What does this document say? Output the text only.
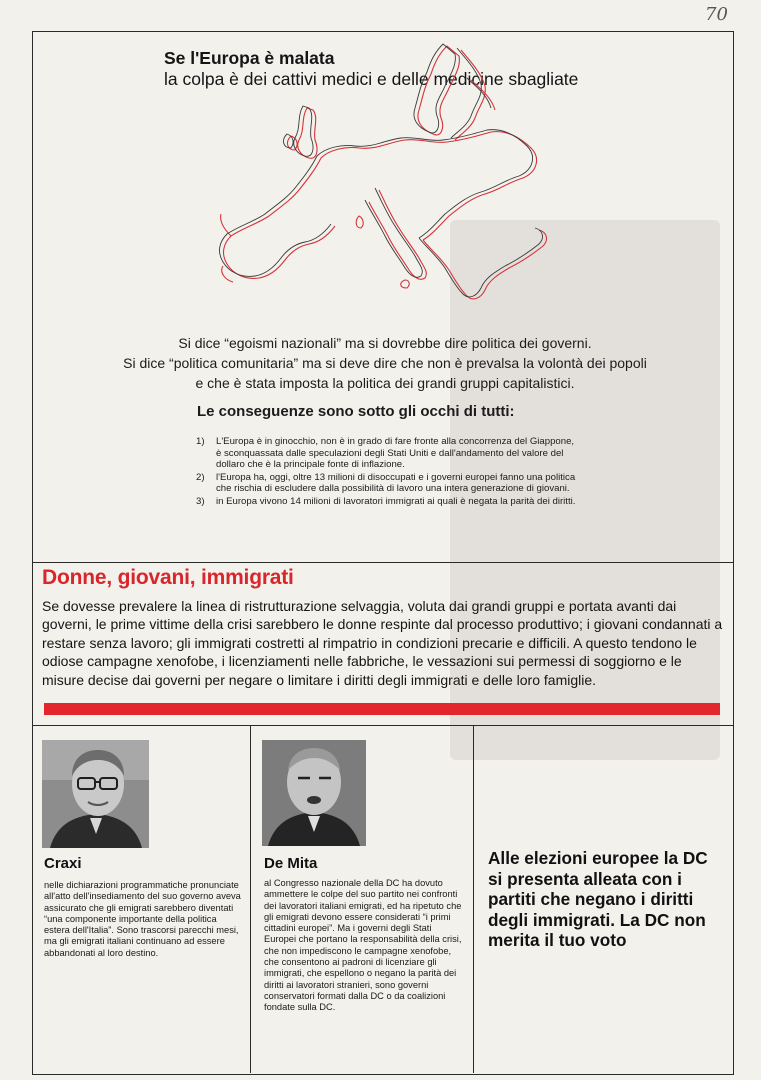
70
Se l'Europa è malata
la colpa è dei cattivi medici e delle medicine sbagliate
Si dice “egoismi nazionali” ma si dovrebbe dire politica dei governi.
Si dice “politica comunitaria” ma si deve dire che non è prevalsa la volontà dei popoli
e che è stata imposta la politica dei grandi gruppi capitalistici.
Le conseguenze sono sotto gli occhi di tutti:
1) L'Europa è in ginocchio, non è in grado di fare fronte alla concorrenza del Giappone, è sconquassata dalle speculazioni degli Stati Uniti e dall'andamento del valore del dollaro che è la principale fonte di inflazione.
2) l'Europa ha, oggi, oltre 13 milioni di disoccupati e i governi europei fanno una politica che rischia di escludere dalla possibilità di lavoro una intera generazione di giovani.
3) in Europa vivono 14 milioni di lavoratori immigrati ai quali è negata la parità dei diritti.
Donne, giovani, immigrati
Se dovesse prevalere la linea di ristrutturazione selvaggia, voluta dai grandi gruppi e portata avanti dai governi, le prime vittime della crisi sarebbero le donne respinte dal processo produttivo; i giovani condannati a restare senza lavoro; gli immigrati costretti al rimpatrio in condizioni precarie e difficili. A questo tendono le odiose campagne xenofobe, i licenziamenti nelle fabbriche, le vessazioni sui permessi di soggiorno e le misure decise dai governi per negare o limitare i diritti degli immigrati e delle loro famiglie.
Craxi
nelle dichiarazioni programmatiche pronunciate all'atto dell'insediamento del suo governo aveva assicurato che gli emigrati sarebbero diventati “una componente importante della politica estera dell'Italia”. Sono trascorsi parecchi mesi, ma gli emigrati italiani continuano ad essere abbandonati al loro destino.
De Mita
al Congresso nazionale della DC ha dovuto ammettere le colpe del suo partito nei confronti dei lavoratori italiani emigrati, ed ha ripetuto che gli emigrati devono essere considerati “i primi cittadini europei”. Ma i governi degli Stati Europei che portano la responsabilità della crisi, che non impediscono le campagne xenofobe, che consentono ai padroni di licenziare gli immigrati, che espellono o negano la parità dei diritti ai lavoratori stranieri, sono governi conservatori formati dalla DC o da coalizioni fondate sulla DC.
Alle elezioni europee la DC si presenta alleata con i partiti che negano i diritti degli immigrati. La DC non merita il tuo voto
